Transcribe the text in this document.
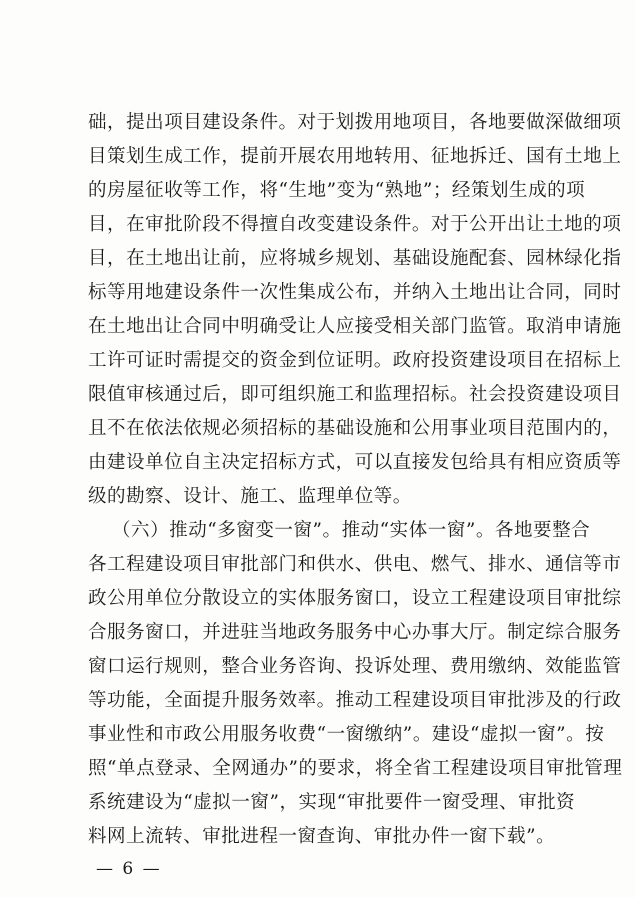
础，提出项目建设条件。对于划拨用地项目，各地要做深做细项
目策划生成工作，提前开展农用地转用、征地拆迁、国有土地上
的房屋征收等工作，将“生地”变为“熟地”；经策划生成的项
目，在审批阶段不得擅自改变建设条件。对于公开出让土地的项
目，在土地出让前，应将城乡规划、基础设施配套、园林绿化指
标等用地建设条件一次性集成公布，并纳入土地出让合同，同时
在土地出让合同中明确受让人应接受相关部门监管。取消申请施
工许可证时需提交的资金到位证明。政府投资建设项目在招标上
限值审核通过后，即可组织施工和监理招标。社会投资建设项目
且不在依法依规必须招标的基础设施和公用事业项目范围内的，
由建设单位自主决定招标方式，可以直接发包给具有相应资质等
级的勘察、设计、施工、监理单位等。
（六）推动“多窗变一窗”。推动“实体一窗”。各地要整合
各工程建设项目审批部门和供水、供电、燃气、排水、通信等市
政公用单位分散设立的实体服务窗口，设立工程建设项目审批综
合服务窗口，并进驻当地政务服务中心办事大厅。制定综合服务
窗口运行规则，整合业务咨询、投诉处理、费用缴纳、效能监管
等功能，全面提升服务效率。推动工程建设项目审批涉及的行政
事业性和市政公用服务收费“一窗缴纳”。建设“虚拟一窗”。按
照“单点登录、全网通办”的要求，将全省工程建设项目审批管理
系统建设为“虚拟一窗”，实现“审批要件一窗受理、审批资
料网上流转、审批进程一窗查询、审批办件一窗下载”。
— 6 —
